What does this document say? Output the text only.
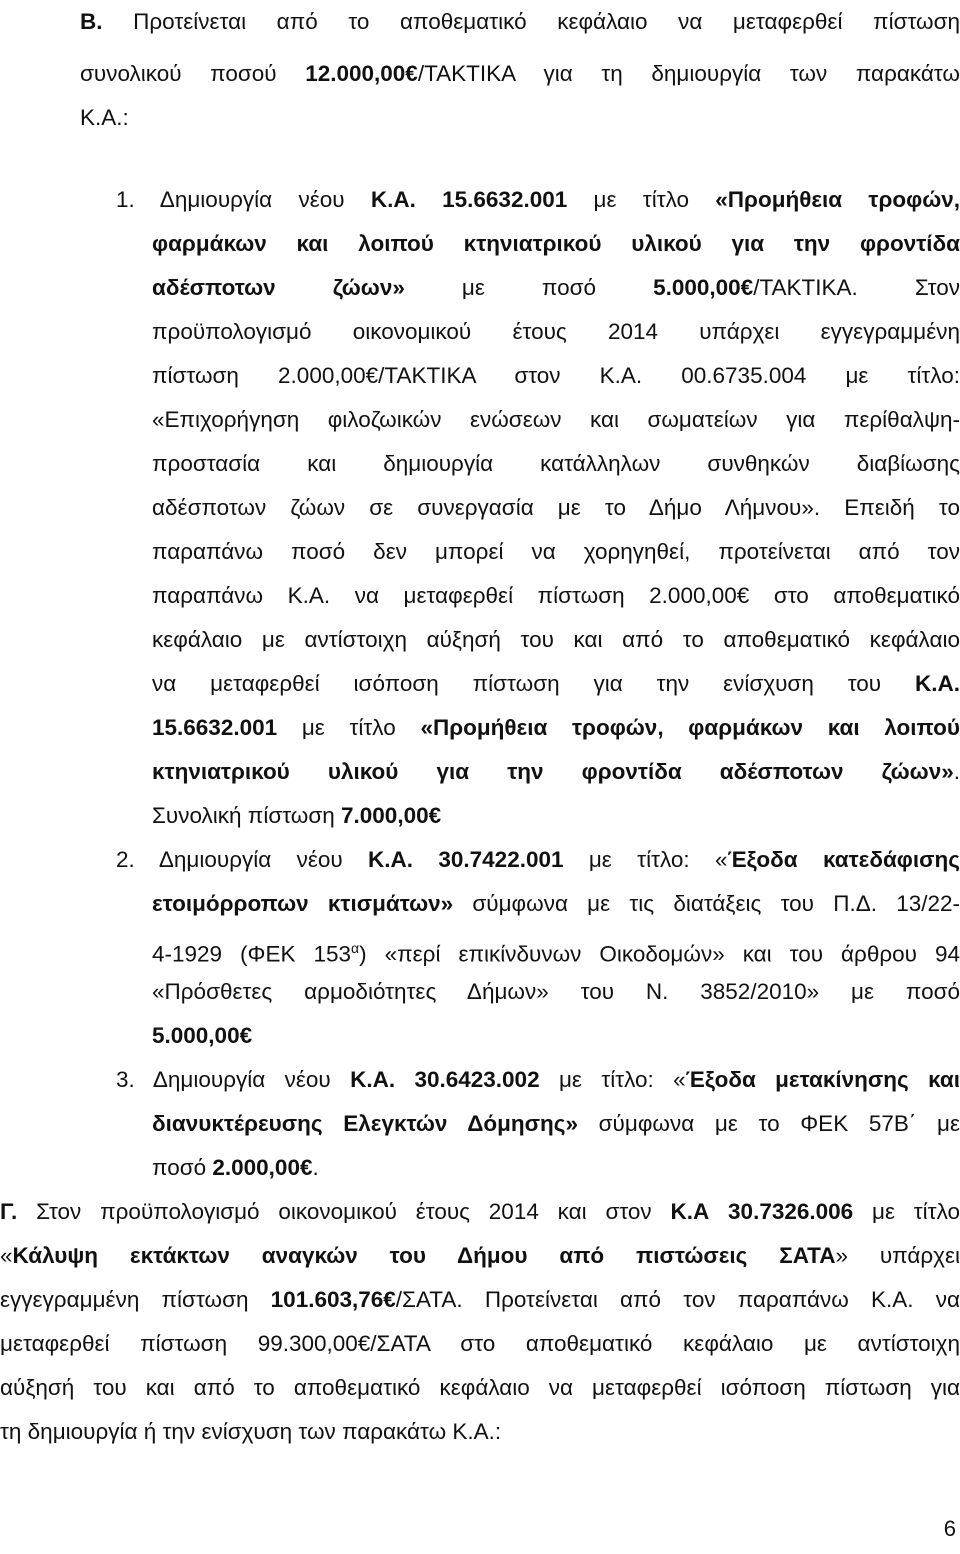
6
Β. Προτείνεται από το αποθεματικό κεφάλαιο να μεταφερθεί πίστωση
συνολικού ποσού 12.000,00€/ΤΑΚΤΙΚΑ για τη δημιουργία των παρακάτω
Κ.Α.:
1. Δημιουργία νέου Κ.Α. 15.6632.001 με τίτλο «Προμήθεια τροφών,
φαρμάκων και λοιπού κτηνιατρικού υλικού για την φροντίδα
αδέσποτων ζώων» με ποσό 5.000,00€/ΤΑΚΤΙΚΑ. Στον
προϋπολογισμό οικονομικού έτους 2014 υπάρχει εγγεγραμμένη
πίστωση 2.000,00€/ΤΑΚΤΙΚΑ στον Κ.Α. 00.6735.004 με τίτλο:
«Επιχορήγηση φιλοζωικών ενώσεων και σωματείων για περίθαλψη-
προστασία και δημιουργία κατάλληλων συνθηκών διαβίωσης
αδέσποτων ζώων σε συνεργασία με το Δήμο Λήμνου». Επειδή το
παραπάνω ποσό δεν μπορεί να χορηγηθεί, προτείνεται από τον
παραπάνω Κ.Α. να μεταφερθεί πίστωση 2.000,00€ στο αποθεματικό
κεφάλαιο με αντίστοιχη αύξησή του και από το αποθεματικό κεφάλαιο
να μεταφερθεί ισόποση πίστωση για την ενίσχυση του Κ.Α.
15.6632.001 με τίτλο «Προμήθεια τροφών, φαρμάκων και λοιπού
κτηνιατρικού υλικού για την φροντίδα αδέσποτων ζώων».
Συνολική πίστωση 7.000,00€
2. Δημιουργία νέου Κ.Α. 30.7422.001 με τίτλο: «Έξοδα κατεδάφισης
ετοιμόρροπων κτισμάτων» σύμφωνα με τις διατάξεις του Π.Δ. 13/22-
4-1929 (ΦΕΚ $153^\alpha$) «περί επικίνδυνων Οικοδομών» και του άρθρου 94
«Πρόσθετες αρμοδιότητες Δήμων» του Ν. 3852/2010» με ποσό
5.000,00€
3. Δημιουργία νέου Κ.Α. 30.6423.002 με τίτλο: «Έξοδα μετακίνησης και
διανυκτέρευσης Ελεγκτών Δόμησης» σύμφωνα με το ΦΕΚ 57Β΄ με
ποσό 2.000,00€.
Γ. Στον προϋπολογισμό οικονομικού έτους 2014 και στον Κ.Α 30.7326.006 με τίτλο
«Κάλυψη εκτάκτων αναγκών του Δήμου από πιστώσεις ΣΑΤΑ» υπάρχει
εγγεγραμμένη πίστωση 101.603,76€/ΣΑΤΑ. Προτείνεται από τον παραπάνω Κ.Α. να
μεταφερθεί πίστωση 99.300,00€/ΣΑΤΑ στο αποθεματικό κεφάλαιο με αντίστοιχη
αύξησή του και από το αποθεματικό κεφάλαιο να μεταφερθεί ισόποση πίστωση για
τη δημιουργία ή την ενίσχυση των παρακάτω Κ.Α.:
